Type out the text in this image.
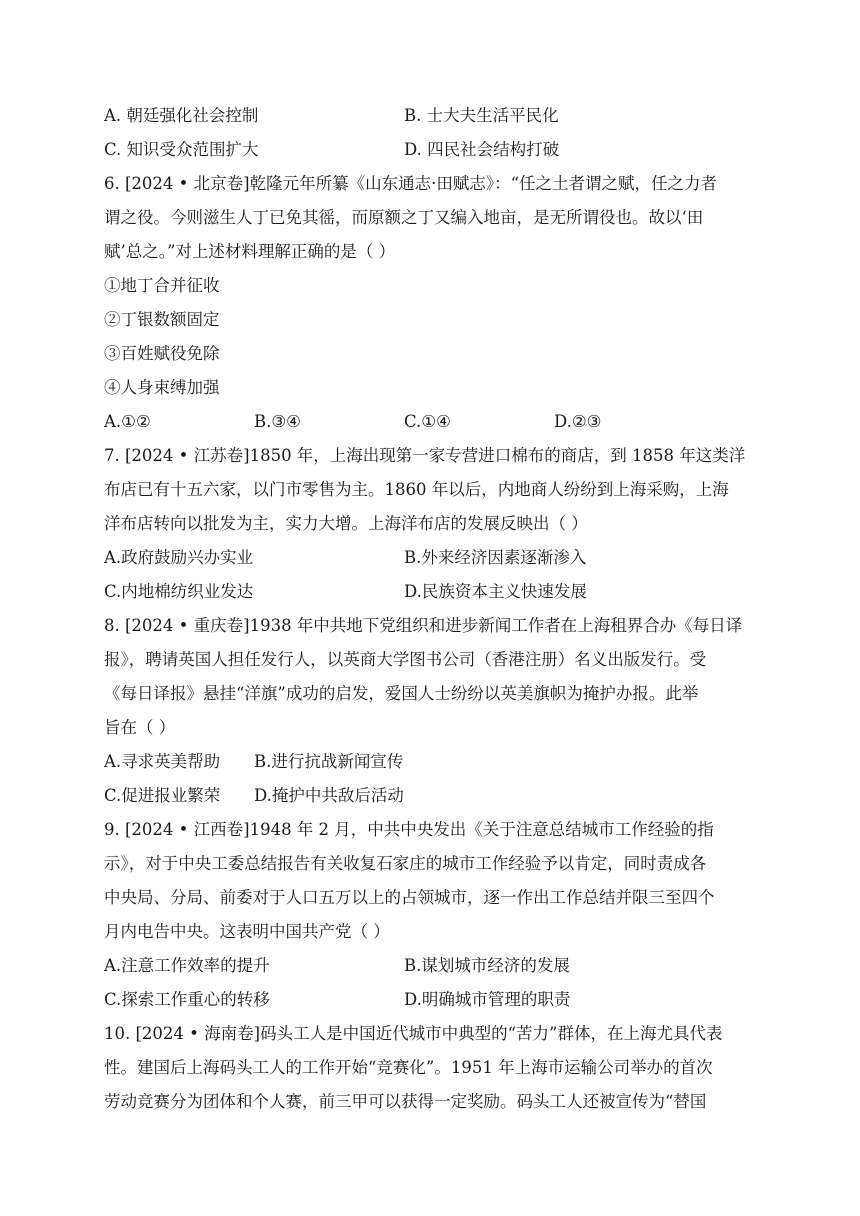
A. 朝廷强化社会控制	B. 士大夫生活平民化
C. 知识受众范围扩大	D. 四民社会结构打破
6. [2024 • 北京卷]乾隆元年所纂《山东通志·田赋志》：“任之土者谓之赋，任之力者
谓之役。今则滋生人丁已免其徭，而原额之丁又编入地亩，是无所谓役也。故以‘田
赋’总之。”对上述材料理解正确的是（ ）
①地丁合并征收
②丁银数额固定
③百姓赋役免除
④人身束缚加强
A.①②	B.③④	C.①④	D.②③
7. [2024 • 江苏卷]1850 年，上海出现第一家专营进口棉布的商店，到 1858 年这类洋
布店已有十五六家，以门市零售为主。1860 年以后，内地商人纷纷到上海采购，上海
洋布店转向以批发为主，实力大增。上海洋布店的发展反映出（ ）
A.政府鼓励兴办实业	B.外来经济因素逐渐渗入
C.内地棉纺织业发达	D.民族资本主义快速发展
8. [2024 • 重庆卷]1938 年中共地下党组织和进步新闻工作者在上海租界合办《每日译
报》，聘请英国人担任发行人，以英商大学图书公司（香港注册）名义出版发行。受
《每日译报》悬挂“洋旗”成功的启发，爱国人士纷纷以英美旗帜为掩护办报。此举
旨在（ ）
A.寻求英美帮助 B.进行抗战新闻宣传
C.促进报业繁荣 D.掩护中共敌后活动
9. [2024 • 江西卷]1948 年 2 月，中共中央发出《关于注意总结城市工作经验的指
示》，对于中央工委总结报告有关收复石家庄的城市工作经验予以肯定，同时责成各
中央局、分局、前委对于人口五万以上的占领城市，逐一作出工作总结并限三至四个
月内电告中央。这表明中国共产党（ ）
A.注意工作效率的提升	B.谋划城市经济的发展
C.探索工作重心的转移	D.明确城市管理的职责
10. [2024 • 海南卷]码头工人是中国近代城市中典型的“苦力”群体，在上海尤具代表
性。建国后上海码头工人的工作开始“竞赛化”。1951 年上海市运输公司举办的首次
劳动竞赛分为团体和个人赛，前三甲可以获得一定奖励。码头工人还被宣传为“替国
